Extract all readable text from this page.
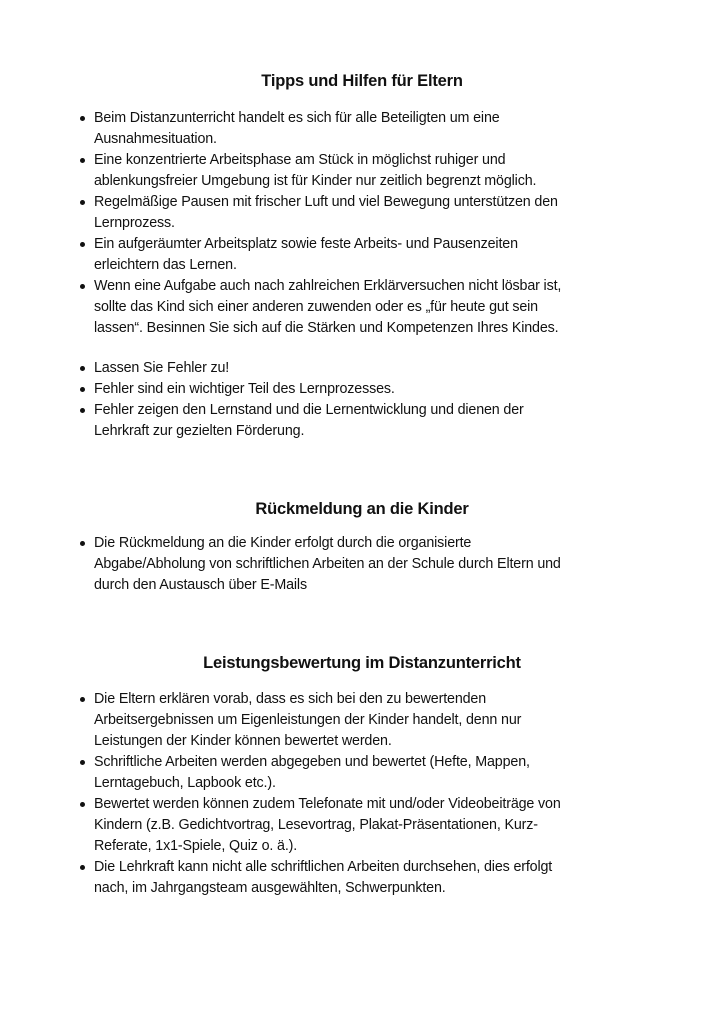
Tipps und Hilfen für Eltern
Beim Distanzunterricht handelt es sich für alle Beteiligten um eine
Ausnahmesituation.
Eine konzentrierte Arbeitsphase am Stück in möglichst ruhiger und
ablenkungsfreier Umgebung ist für Kinder nur zeitlich begrenzt möglich.
Regelmäßige Pausen mit frischer Luft und viel Bewegung unterstützen den
Lernprozess.
Ein aufgeräumter Arbeitsplatz sowie feste Arbeits- und Pausenzeiten
erleichtern das Lernen.
Wenn eine Aufgabe auch nach zahlreichen Erklärversuchen nicht lösbar ist,
sollte das Kind sich einer anderen zuwenden oder es „für heute gut sein
lassen“. Besinnen Sie sich auf die Stärken und Kompetenzen Ihres Kindes.
Lassen Sie Fehler zu!
Fehler sind ein wichtiger Teil des Lernprozesses.
Fehler zeigen den Lernstand und die Lernentwicklung und dienen der
Lehrkraft zur gezielten Förderung.
Rückmeldung an die Kinder
Die Rückmeldung an die Kinder erfolgt durch die organisierte
Abgabe/Abholung von schriftlichen Arbeiten an der Schule durch Eltern und
durch den Austausch über E-Mails
Leistungsbewertung im Distanzunterricht
Die Eltern erklären vorab, dass es sich bei den zu bewertenden
Arbeitsergebnissen um Eigenleistungen der Kinder handelt, denn nur
Leistungen der Kinder können bewertet werden.
Schriftliche Arbeiten werden abgegeben und bewertet (Hefte, Mappen,
Lerntagebuch, Lapbook etc.).
Bewertet werden können zudem Telefonate mit und/oder Videobeiträge von
Kindern (z.B. Gedichtvortrag, Lesevortrag, Plakat-Präsentationen, Kurz-
Referate, 1x1-Spiele, Quiz o. ä.).
Die Lehrkraft kann nicht alle schriftlichen Arbeiten durchsehen, dies erfolgt
nach, im Jahrgangsteam ausgewählten, Schwerpunkten.
